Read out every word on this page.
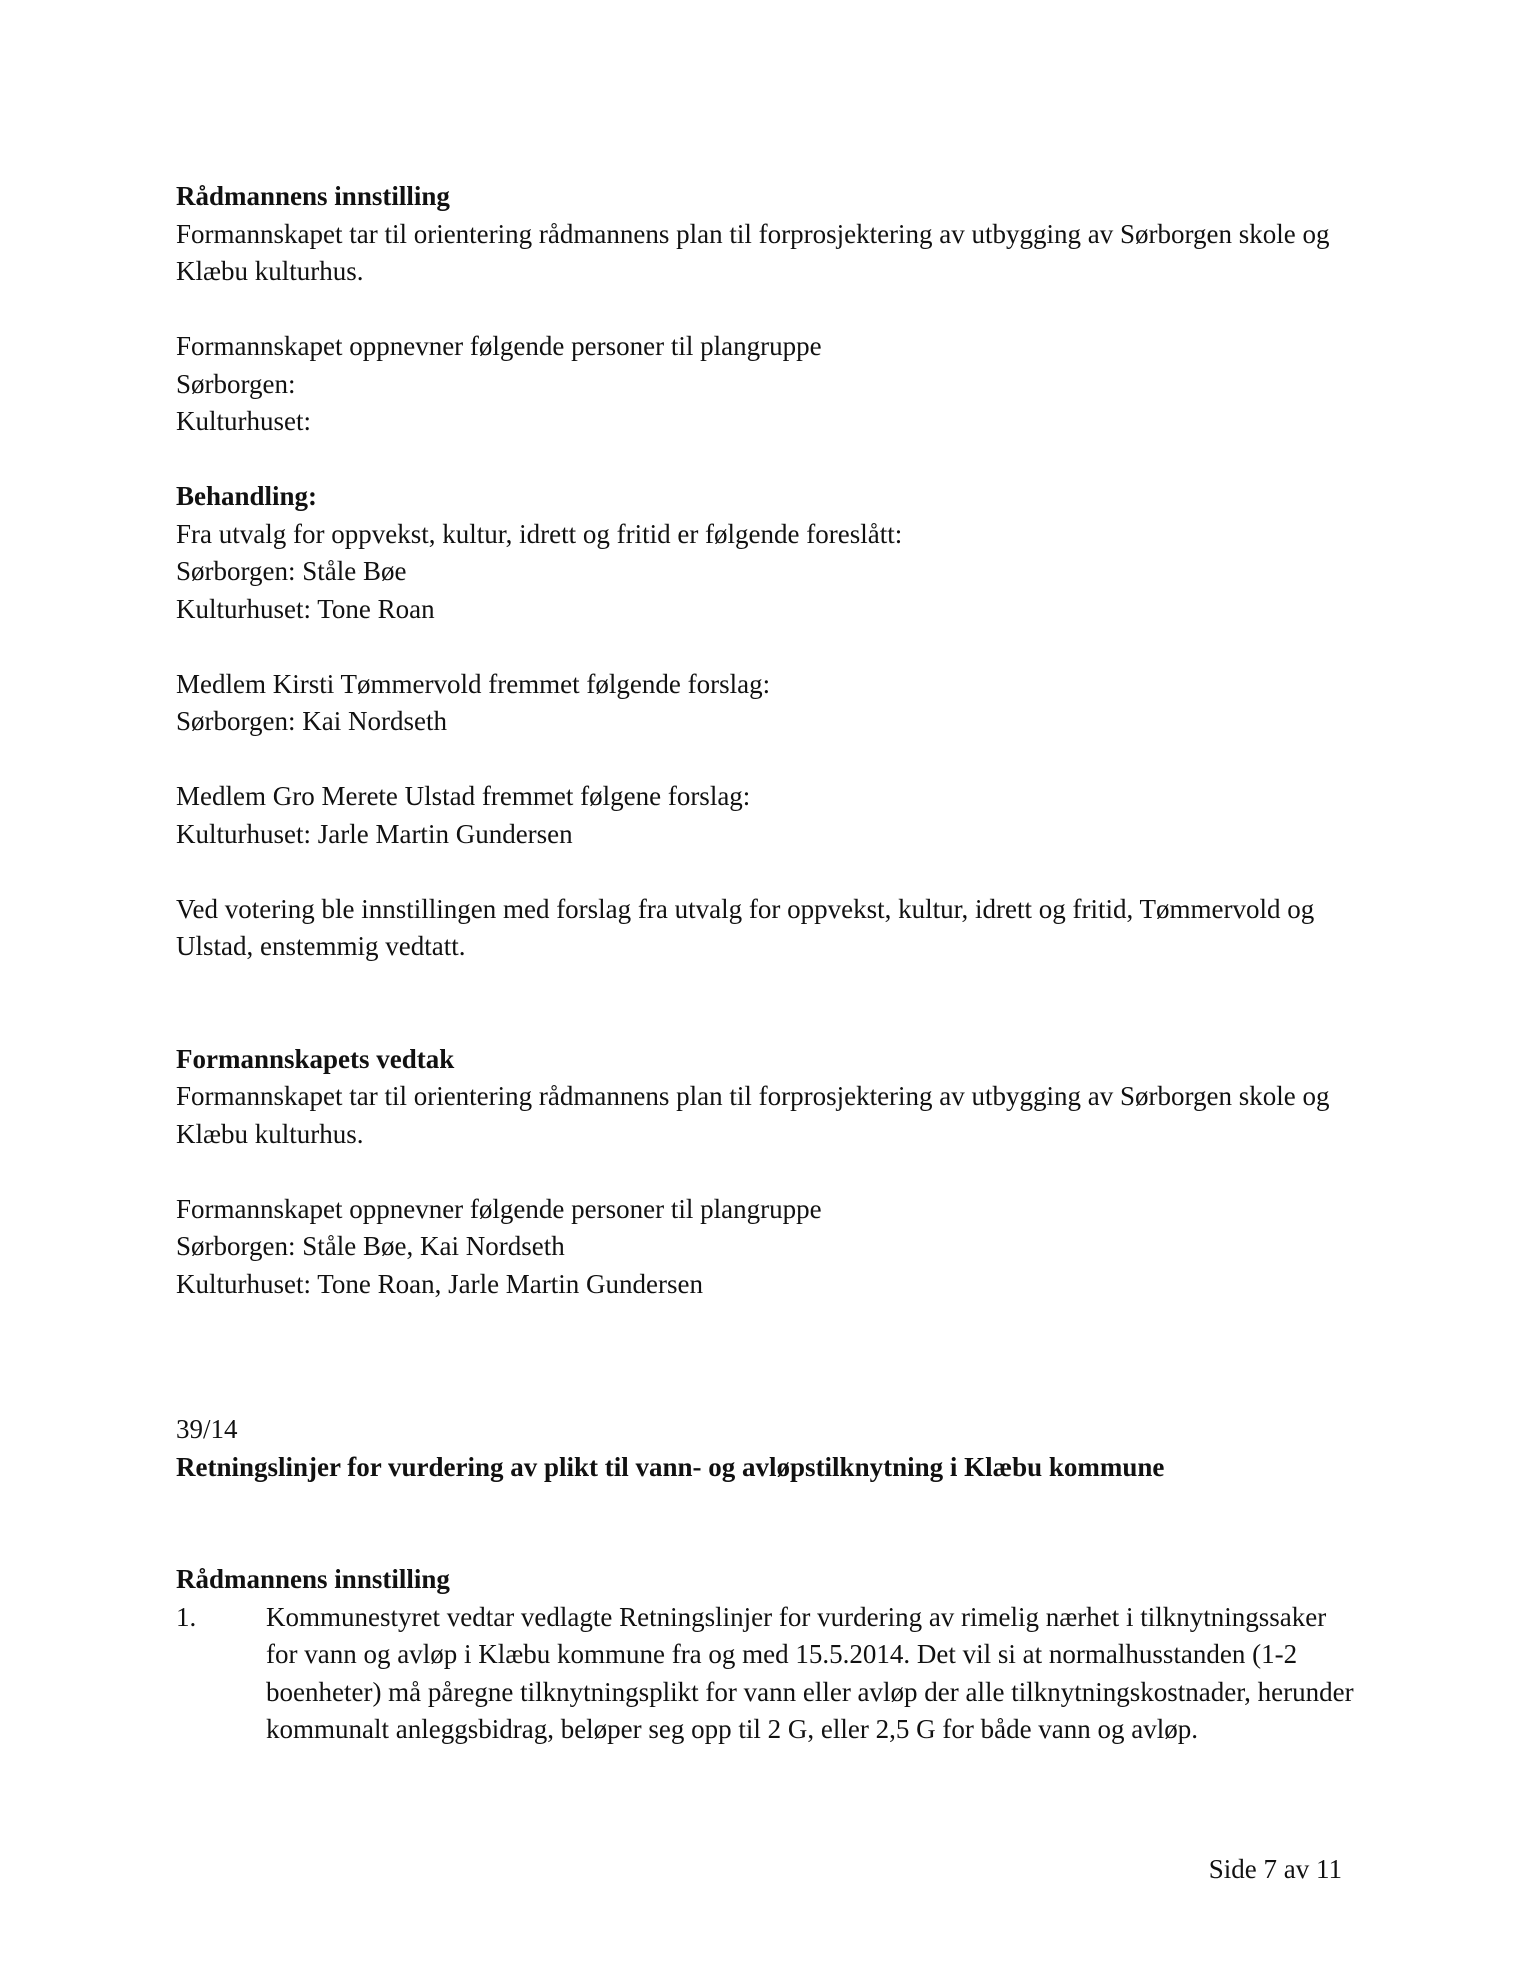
Rådmannens innstilling
Formannskapet tar til orientering rådmannens plan til forprosjektering av utbygging av Sørborgen skole og Klæbu kulturhus.
Formannskapet oppnevner følgende personer til plangruppe
Sørborgen:
Kulturhuset:
Behandling:
Fra utvalg for oppvekst, kultur, idrett og fritid er følgende foreslått:
Sørborgen: Ståle Bøe
Kulturhuset: Tone Roan
Medlem Kirsti Tømmervold fremmet følgende forslag:
Sørborgen: Kai Nordseth
Medlem Gro Merete Ulstad fremmet følgene forslag:
Kulturhuset: Jarle Martin Gundersen
Ved votering ble innstillingen med forslag fra utvalg for oppvekst, kultur, idrett og fritid, Tømmervold og Ulstad, enstemmig vedtatt.
Formannskapets vedtak
Formannskapet tar til orientering rådmannens plan til forprosjektering av utbygging av Sørborgen skole og Klæbu kulturhus.
Formannskapet oppnevner følgende personer til plangruppe
Sørborgen: Ståle Bøe, Kai Nordseth
Kulturhuset: Tone Roan, Jarle Martin Gundersen
39/14
Retningslinjer for vurdering av plikt til vann- og avløpstilknytning i Klæbu kommune
Rådmannens innstilling
1.	Kommunestyret vedtar vedlagte Retningslinjer for vurdering av rimelig nærhet i tilknytningssaker for vann og avløp i Klæbu kommune fra og med 15.5.2014. Det vil si at normalhusstanden (1-2 boenheter) må påregne tilknytningsplikt for vann eller avløp der alle tilknytningskostnader, herunder kommunalt anleggsbidrag, beløper seg opp til 2 G, eller 2,5 G for både vann og avløp.
Side 7 av 11
